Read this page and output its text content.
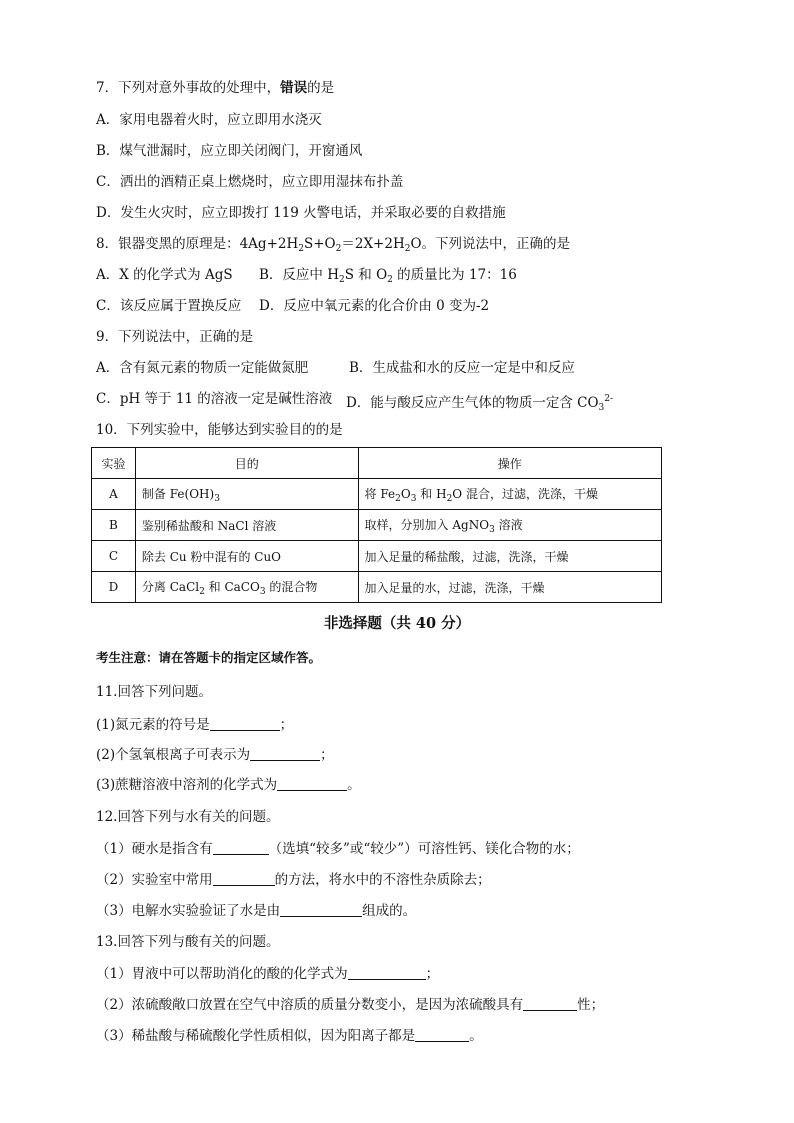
7．下列对意外事故的处理中，错误的是
A．家用电器着火时，应立即用水浇灭
B．煤气泄漏时，应立即关闭阀门，开窗通风
C．洒出的酒精正桌上燃烧时，应立即用湿抹布扑盖
D．发生火灾时，应立即拨打 119 火警电话，并采取必要的自救措施
8．银器变黑的原理是：$4Ag+2H_2S+O_2=2X+2H_2O$。下列说法中，正确的是
A．X 的化学式为 AgS B．反应中 $H_2S$ 和 $O_2$ 的质量比为 17：16
C．该反应属于置换反应 D．反应中氧元素的化合价由 0 变为-2
9．下列说法中，正确的是
A．含有氮元素的物质一定能做氮肥	B．生成盐和水的反应一定是中和反应
C．pH 等于 11 的溶液一定是碱性溶液 D．能与酸反应产生气体的物质一定含 $CO_3^{2-}$
10．下列实验中，能够达到实验目的的是
实验	目的	操作
A	制备 $Fe(OH)_3$	将 $Fe_2O_3$ 和 $H_2O$ 混合，过滤，洗涤，干燥
B	鉴别稀盐酸和 NaCl 溶液	取样，分别加入 AgNO$_3$ 溶液
C	除去 Cu 粉中混有的 CuO	加入足量的稀盐酸，过滤，洗涤，干燥
D	分离 CaCl$_2$ 和 CaCO$_3$ 的混合物	加入足量的水，过滤，洗涤，干燥
非选择题（共 40 分）
考生注意：请在答题卡的指定区域作答。
11.回答下列问题。
(1)氮元素的符号是	；
(2)个氢氧根离子可表示为	；
(3)蔗糖溶液中溶剂的化学式为	。
12.回答下列与水有关的问题。
（1）硬水是指含有	（选填“较多”或“较少”）可溶性钙、镁化合物的水；
（2）实验室中常用	的方法，将水中的不溶性杂质除去；
（3）电解水实验验证了水是由	组成的。
13.回答下列与酸有关的问题。
（1）胃液中可以帮助消化的酸的化学式为	；
（2）浓硫酸敞口放置在空气中溶质的质量分数变小，是因为浓硫酸具有	性；
（3）稀盐酸与稀硫酸化学性质相似，因为阳离子都是	。
